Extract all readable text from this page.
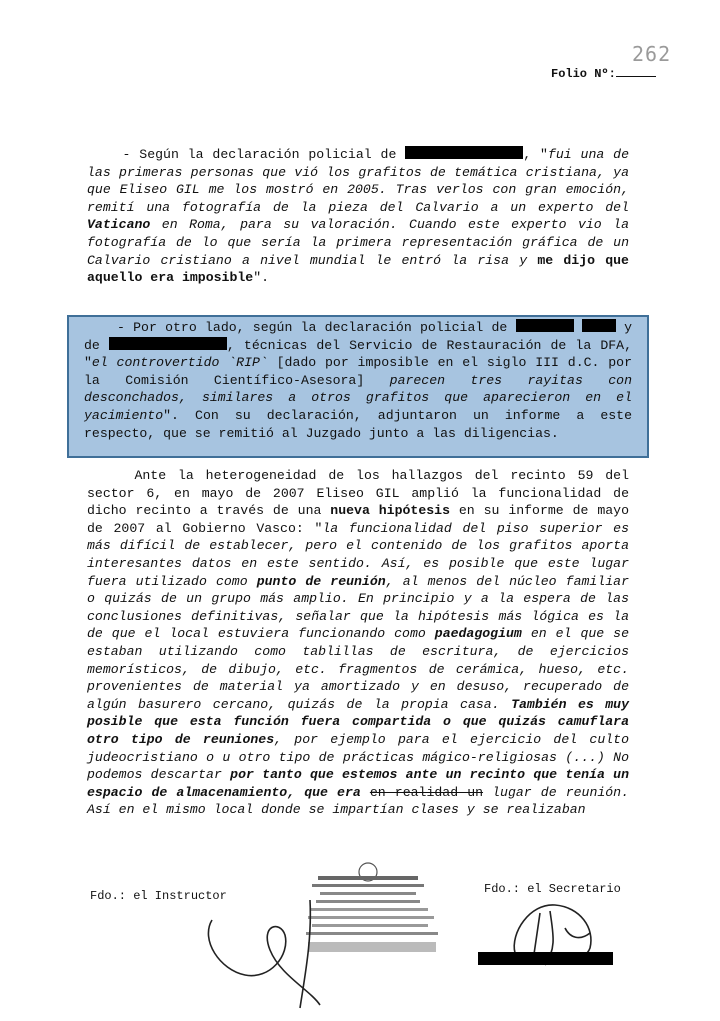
262
Folio Nº:

- Según la declaración policial de	, "fui una de las primeras personas que vió los grafitos de temática cristiana, ya que Eliseo GIL me los mostró en 2005. Tras verlos con gran emoción, remití una fotografía de la pieza del Calvario a un experto del Vaticano en Roma, para su valoración. Cuando este experto vio la fotografía de lo que sería la primera representación gráfica de un Calvario cristiano a nivel mundial le entró la risa y me dijo que aquello era imposible".

- Por otro lado, según la declaración policial de	y de	, técnicas del Servicio de Restauración de la DFA, "el controvertido `RIP` [dado por imposible en el siglo III d.C. por la Comisión Científico-Asesora] parecen tres rayitas con desconchados, similares a otros grafitos que aparecieron en el yacimiento". Con su declaración, adjuntaron un informe a este respecto, que se remitió al Juzgado junto a las diligencias.

Ante la heterogeneidad de los hallazgos del recinto 59 del sector 6, en mayo de 2007 Eliseo GIL amplió la funcionalidad de dicho recinto a través de una nueva hipótesis en su informe de mayo de 2007 al Gobierno Vasco: "la funcionalidad del piso superior es más difícil de establecer, pero el contenido de los grafitos aporta interesantes datos en este sentido. Así, es posible que este lugar fuera utilizado como punto de reunión, al menos del núcleo familiar o quizás de un grupo más amplio. En principio y a la espera de las conclusiones definitivas, señalar que la hipótesis más lógica es la de que el local estuviera funcionando como paedagogium en el que se estaban utilizando como tablillas de escritura, de ejercicios memorísticos, de dibujo, etc. fragmentos de cerámica, hueso, etc. provenientes de material ya amortizado y en desuso, recuperado de algún basurero cercano, quizás de la propia casa. También es muy posible que esta función fuera compartida o que quizás camuflara otro tipo de reuniones, por ejemplo para el ejercicio del culto judeocristiano o u otro tipo de prácticas mágico-religiosas (...) No podemos descartar por tanto que estemos ante un recinto que tenía un espacio de almacenamiento, que era en realidad un lugar de reunión. Así en el mismo local donde se impartían clases y se realizaban

Fdo.: el Instructor	Fdo.: el Secretario
